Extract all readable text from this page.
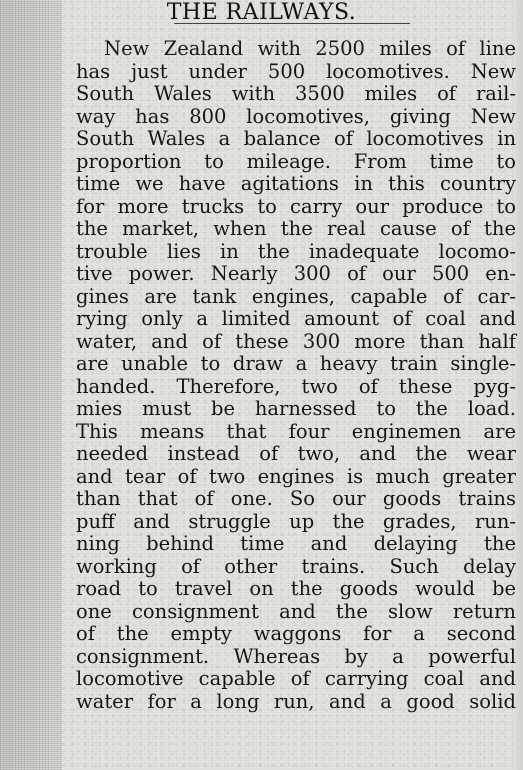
THE RAILWAYS.
New Zealand with 2500 miles of line
has just under 500 locomotives. New
South Wales with 3500 miles of rail-
way has 800 locomotives, giving New
South Wales a balance of locomotives in
proportion to mileage. From time to
time we have agitations in this country
for more trucks to carry our produce to
the market, when the real cause of the
trouble lies in the inadequate locomo-
tive power. Nearly 300 of our 500 en-
gines are tank engines, capable of car-
rying only a limited amount of coal and
water, and of these 300 more than half
are unable to draw a heavy train single-
handed. Therefore, two of these pyg-
mies must be harnessed to the load.
This means that four enginemen are
needed instead of two, and the wear
and tear of two engines is much greater
than that of one. So our goods trains
puff and struggle up the grades, run-
ning behind time and delaying the
working of other trains. Such delay
road to travel on the goods would be
one consignment and the slow return
of the empty waggons for a second
consignment. Whereas by a powerful
locomotive capable of carrying coal and
water for a long run, and a good solid
